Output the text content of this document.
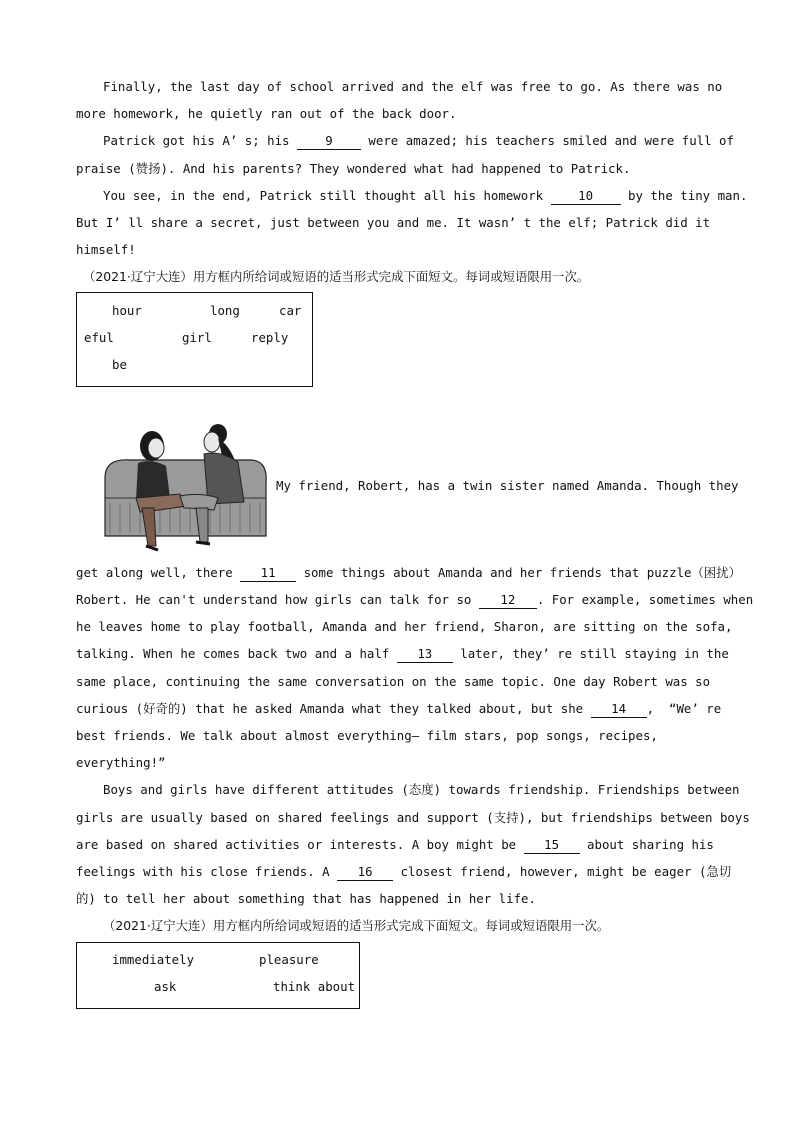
Finally, the last day of school arrived and the elf was free to go. As there was no
more homework, he quietly ran out of the back door.
Patrick got his A’ s; his 9 were amazed; his teachers smiled and were full of
praise (赞扬). And his parents? They wondered what had happened to Patrick.
You see, in the end, Patrick still thought all his homework 10 by the tiny man.
But I’ ll share a secret, just between you and me. It wasn’ t the elf; Patrick did it
himself!
（2021·辽宁大连）用方框内所给词或短语的适当形式完成下面短文。每词或短语限用一次。
hour	long	car
eful	girl	reply
be
My friend, Robert, has a twin sister named Amanda. Though they
get along well, there 11 some things about Amanda and her friends that puzzle（困扰）
Robert. He can't understand how girls can talk for so 12 . For example, sometimes when
he leaves home to play football, Amanda and her friend, Sharon, are sitting on the sofa,
talking. When he comes back two and a half 13 later, they’ re still staying in the
same place, continuing the same conversation on the same topic. One day Robert was so
curious (好奇的) that he asked Amanda what they talked about, but she 14 ,  “We’ re
best friends. We talk about almost everything— film stars, pop songs, recipes,
everything!”
Boys and girls have different attitudes (态度) towards friendship. Friendships between
girls are usually based on shared feelings and support (支持), but friendships between boys
are based on shared activities or interests. A boy might be 15 about sharing his
feelings with his close friends. A 16 closest friend, however, might be eager (急切
的) to tell her about something that has happened in her life.
（2021·辽宁大连）用方框内所给词或短语的适当形式完成下面短文。每词或短语限用一次。
immediately	pleasure
ask	think about
